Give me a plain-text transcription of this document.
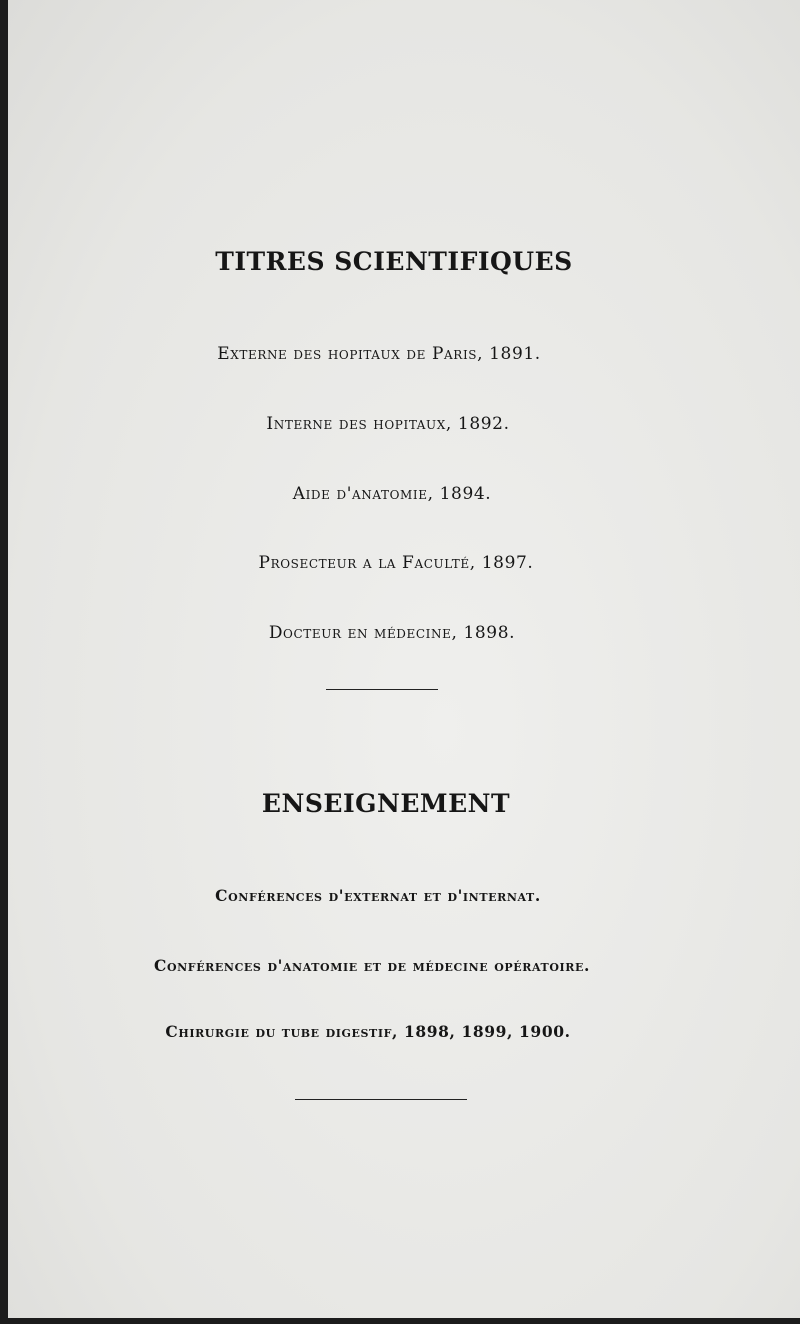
TITRES SCIENTIFIQUES
Externe des hopitaux de Paris, 1891.
Interne des hopitaux, 1892.
Aide d'anatomie, 1894.
Prosecteur a la Faculté, 1897.
Docteur en médecine, 1898.
ENSEIGNEMENT
Conférences d'externat et d'internat.
Conférences d'anatomie et de médecine opératoire.
Chirurgie du tube digestif, 1898, 1899, 1900.
